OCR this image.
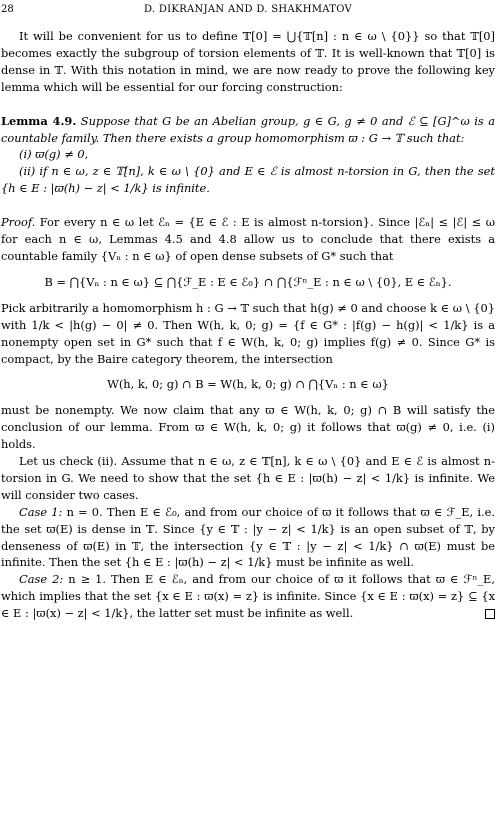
28	D. DIKRANJAN AND D. SHAKHMATOV

It will be convenient for us to define 𝕋[0] = ⋃{𝕋[n] : n ∈ ω \ {0}} so that 𝕋[0] becomes exactly the subgroup of torsion elements of 𝕋. It is well-known that 𝕋[0] is dense in 𝕋. With this notation in mind, we are now ready to prove the following key lemma which will be essential for our forcing construction:

Lemma 4.9. Suppose that G be an Abelian group, g ∈ G, g ≠ 0 and ℰ ⊆ [G]^ω is a countable family. Then there exists a group homomorphism ϖ : G → 𝕋 such that:

(i) ϖ(g) ≠ 0,

(ii) if n ∈ ω, z ∈ 𝕋[n], k ∈ ω \ {0} and E ∈ ℰ is almost n-torsion in G, then the set {h ∈ E : |ϖ(h) − z| < 1/k} is infinite.

Proof. For every n ∈ ω let ℰₙ = {E ∈ ℰ : E is almost n-torsion}. Since |ℰₙ| ≤ |ℰ| ≤ ω for each n ∈ ω, Lemmas 4.5 and 4.8 allow us to conclude that there exists a countable family {Vₙ : n ∈ ω} of open dense subsets of G* such that

B = ⋂{Vₙ : n ∈ ω} ⊆ ⋂{ℱ_E : E ∈ ℰ₀} ∩ ⋂{ℱⁿ_E : n ∈ ω \ {0}, E ∈ ℰₙ}.

Pick arbitrarily a homomorphism h : G → 𝕋 such that h(g) ≠ 0 and choose k ∈ ω \ {0} with 1/k < |h(g) − 0| ≠ 0. Then W(h, k, 0; g) = {f ∈ G* : |f(g) − h(g)| < 1/k} is a nonempty open set in G* such that f ∈ W(h, k, 0; g) implies f(g) ≠ 0. Since G* is compact, by the Baire category theorem, the intersection

W(h, k, 0; g) ∩ B = W(h, k, 0; g) ∩ ⋂{Vₙ : n ∈ ω}

must be nonempty. We now claim that any ϖ ∈ W(h, k, 0; g) ∩ B will satisfy the conclusion of our lemma. From ϖ ∈ W(h, k, 0; g) it follows that ϖ(g) ≠ 0, i.e. (i) holds.

Let us check (ii). Assume that n ∈ ω, z ∈ 𝕋[n], k ∈ ω \ {0} and E ∈ ℰ is almost n-torsion in G. We need to show that the set {h ∈ E : |ϖ(h) − z| < 1/k} is infinite. We will consider two cases.

Case 1: n = 0. Then E ∈ ℰ₀, and from our choice of ϖ it follows that ϖ ∈ ℱ_E, i.e. the set ϖ(E) is dense in 𝕋. Since {y ∈ 𝕋 : |y − z| < 1/k} is an open subset of 𝕋, by denseness of ϖ(E) in 𝕋, the intersection {y ∈ 𝕋 : |y − z| < 1/k} ∩ ϖ(E) must be infinite. Then the set {h ∈ E : |ϖ(h) − z| < 1/k} must be infinite as well.

Case 2: n ≥ 1. Then E ∈ ℰₙ, and from our choice of ϖ it follows that ϖ ∈ ℱⁿ_E, which implies that the set {x ∈ E : ϖ(x) = z} is infinite. Since {x ∈ E : ϖ(x) = z} ⊆ {x ∈ E : |ϖ(x) − z| < 1/k}, the latter set must be infinite as well.
